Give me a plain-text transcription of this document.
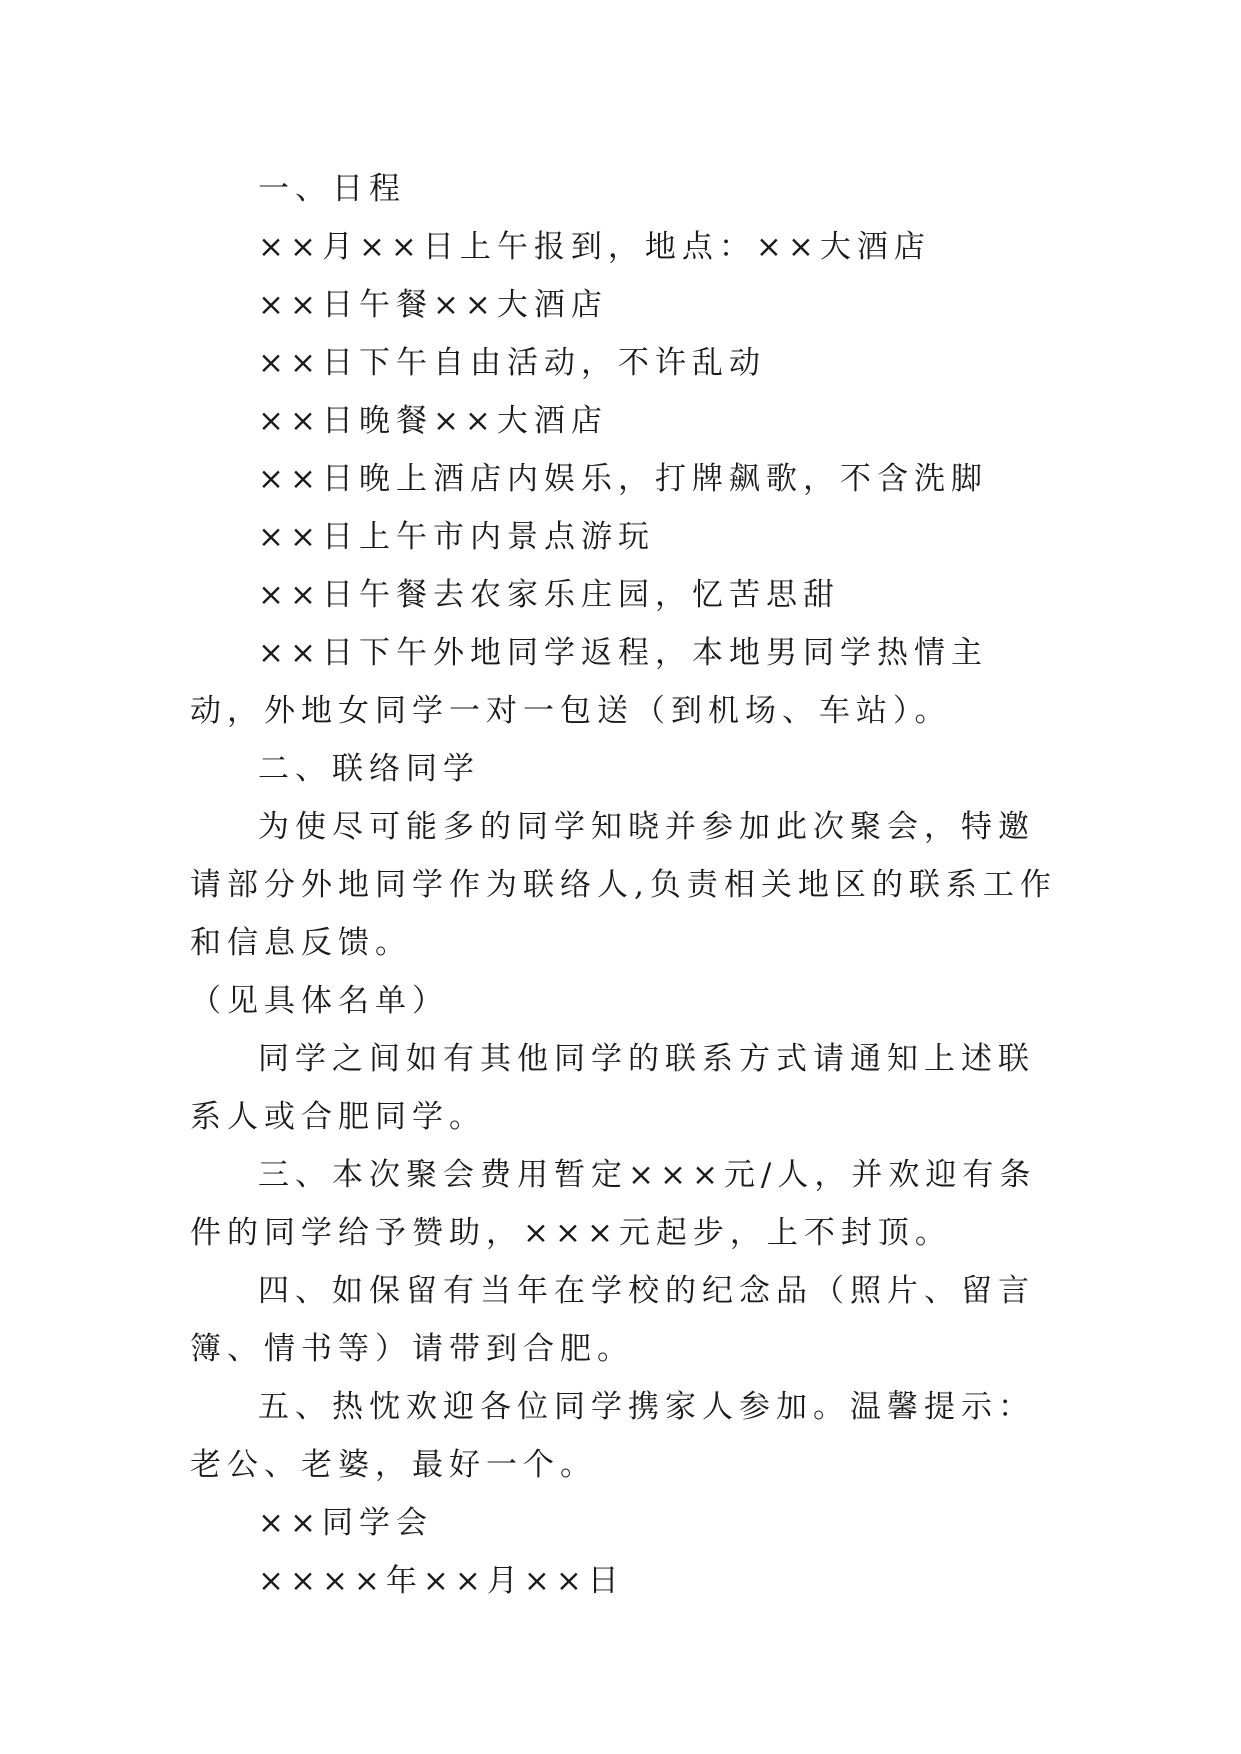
一、日程

××月××日上午报到，地点：××大酒店

××日午餐××大酒店

××日下午自由活动，不许乱动

××日晚餐××大酒店

××日晚上酒店内娱乐，打牌飙歌，不含洗脚

××日上午市内景点游玩

××日午餐去农家乐庄园，忆苦思甜

××日下午外地同学返程，本地男同学热情主动，外地女同学一对一包送（到机场、车站）。

二、联络同学

为使尽可能多的同学知晓并参加此次聚会，特邀请部分外地同学作为联络人,负责相关地区的联系工作和信息反馈。

（见具体名单）

同学之间如有其他同学的联系方式请通知上述联系人或合肥同学。

三、本次聚会费用暂定×××元/人，并欢迎有条件的同学给予赞助，×××元起步，上不封顶。

四、如保留有当年在学校的纪念品（照片、留言簿、情书等）请带到合肥。

五、热忱欢迎各位同学携家人参加。温馨提示：老公、老婆，最好一个。

××同学会

××××年××月××日
